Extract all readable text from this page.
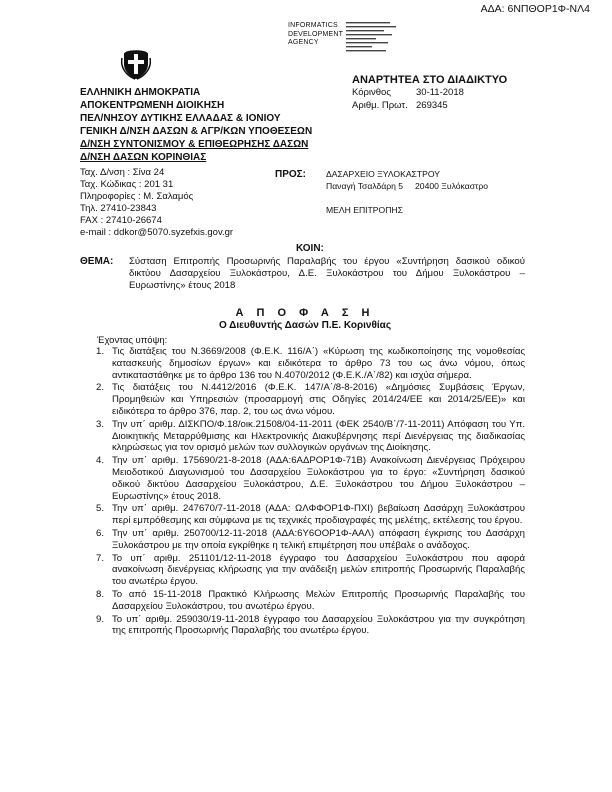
ΑΔΑ: 6ΝΠΘΟΡ1Φ-ΝΛ4
INFORMATICS
DEVELOPMENT
AGENCY
ΕΛΛΗΝΙΚΗ ΔΗΜΟΚΡΑΤΙΑ
ΑΠΟΚΕΝΤΡΩΜΕΝΗ ΔΙΟΙΚΗΣΗ
ΠΕΛ/ΝΗΣΟΥ ΔΥΤΙΚΗΣ ΕΛΛΑΔΑΣ & ΙΟΝΙΟΥ
ΓΕΝΙΚΗ Δ/ΝΣΗ ΔΑΣΩΝ & ΑΓΡ/ΚΩΝ ΥΠΟΘΕΣΕΩΝ
Δ/ΝΣΗ ΣΥΝΤΟΝΙΣΜΟΥ & ΕΠΙΘΕΩΡΗΣΗΣ ΔΑΣΩΝ
Δ/ΝΣΗ ΔΑΣΩΝ ΚΟΡΙΝΘΙΑΣ
ΑΝΑΡΤΗΤΕΑ ΣΤΟ ΔΙΑΔΙΚΤΥΟ
Κόρινθος	30-11-2018
Αριθμ. Πρωτ. 269345
Ταχ. Δ/νση : Σίνα 24
Ταχ. Κώδικας : 201 31
Πληροφορίες : Μ. Σαλαμός
Τηλ. 27410-23843
FAX : 27410-26674
e-mail : ddkor@5070.syzefxis.gov.gr
ΠΡΟΣ: ΔΑΣΑΡΧΕΙΟ ΞΥΛΟΚΑΣΤΡΟΥ
Παναγή Τσαλδάρη 5     20400 Ξυλόκαστρο
ΜΕΛΗ ΕΠΙΤΡΟΠΗΣ
ΚΟΙΝ:
ΘΕΜΑ: Σύσταση Επιτροπής Προσωρινής Παραλαβής του έργου «Συντήρηση δασικού οδικού δικτύου Δασαρχείου Ξυλοκάστρου, Δ.Ε. Ξυλοκάστρου του Δήμου Ξυλοκάστρου – Ευρωστίνης» έτους 2018
Α Π Ο Φ Α Σ Η
Ο Διευθυντής Δασών Π.Ε. Κορινθίας
Έχοντας υπόψη:
1. Τις διατάξεις του Ν.3669/2008 (Φ.Ε.Κ. 116/Α΄) «Κύρωση της κωδικοποίησης της νομοθεσίας κατασκευής δημοσίων έργων» και ειδικότερα το άρθρο 73 του ως άνω νόμου, όπως αντικαταστάθηκε με το άρθρο 136 του Ν.4070/2012 (Φ.Ε.Κ./Α΄/82) και ισχύα σήμερα.
2. Τις διατάξεις του Ν.4412/2016 (Φ.Ε.Κ. 147/Α΄/8-8-2016) «Δημόσιες Συμβάσεις Έργων, Προμηθειών και Υπηρεσιών (προσαρμογή στις Οδηγίες 2014/24/ΕΕ και 2014/25/ΕΕ)» και ειδικότερα το άρθρο 376, παρ. 2, του ως άνω νόμου.
3. Την υπ΄ αριθμ. ΔΙΣΚΠΟ/Φ.18/οικ.21508/04-11-2011 (ΦΕΚ 2540/Β΄/7-11-2011) Απόφαση του Υπ. Διοικητικής Μεταρρύθμισης και Ηλεκτρονικής Διακυβέρνησης περί Διενέργειας της διαδικασίας κληρώσεως για τον ορισμό μελών των συλλογικών οργάνων της Διοίκησης.
4. Την υπ΄ αριθμ. 175690/21-8-2018 (ΑΔΑ:6ΑΔΡΟΡ1Φ-71Β) Ανακοίνωση Διενέργειας Πρόχειρου Μειοδοτικού Διαγωνισμού του Δασαρχείου Ξυλοκάστρου για το έργο: «Συντήρηση δασικού οδικού δικτύου Δασαρχείου Ξυλοκάστρου, Δ.Ε. Ξυλοκάστρου του Δήμου Ξυλοκάστρου – Ευρωστίνης» έτους 2018.
5. Την υπ΄ αριθμ. 247670/7-11-2018 (ΑΔΑ: ΩΛΦΦΟΡ1Φ-ΠΧΙ) βεβαίωση Δασάρχη Ξυλοκάστρου περί εμπρόθεσμης και σύμφωνα με τις τεχνικές προδιαγραφές της μελέτης, εκτέλεσης του έργου.
6. Την υπ΄ αριθμ. 250700/12-11-2018 (ΑΔΑ:6Υ6ΟΟΡ1Φ-ΑΑΛ) απόφαση έγκρισης του Δασάρχη Ξυλοκάστρου με την οποία εγκρίθηκε η τελική επιμέτρηση που υπέβαλε ο ανάδοχος.
7. Το υπ΄ αριθμ. 251101/12-11-2018 έγγραφο του Δασαρχείου Ξυλοκάστρου που αφορά ανακοίνωση διενέργειας κλήρωσης για την ανάδειξη μελών επιτροπής Προσωρινής Παραλαβής του ανωτέρω έργου.
8. Το από 15-11-2018 Πρακτικό Κλήρωσης Μελών Επιτροπής Προσωρινής Παραλαβής του Δασαρχείου Ξυλοκάστρου, του ανωτέρω έργου.
9. Το υπ΄ αριθμ. 259030/19-11-2018 έγγραφο του Δασαρχείου Ξυλοκάστρου για την συγκρότηση της επιτροπής Προσωρινής Παραλαβής του ανωτέρω έργου.
